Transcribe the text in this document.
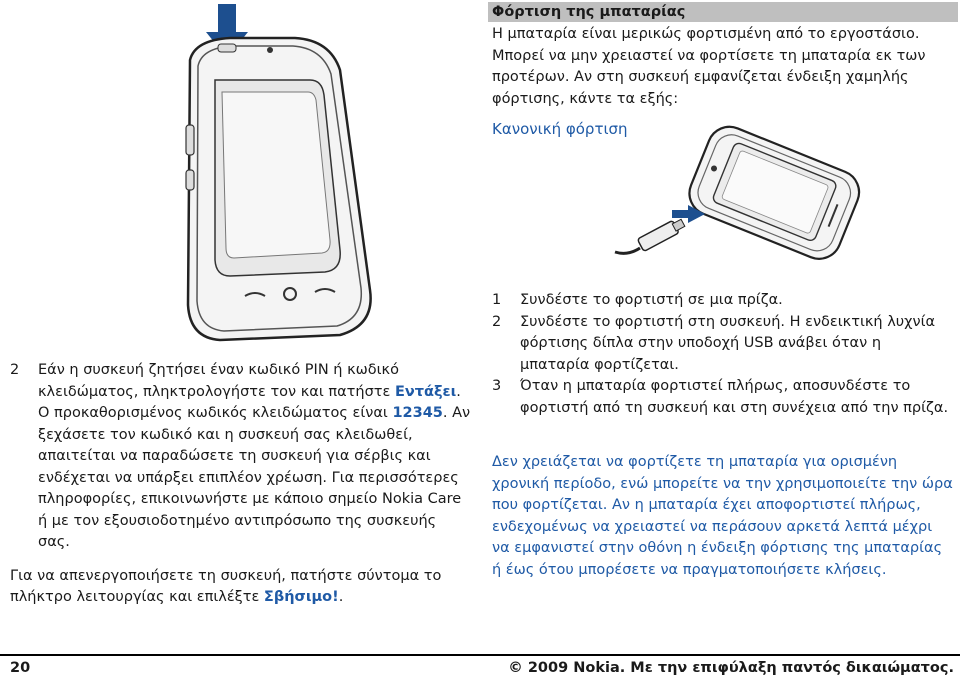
Φόρτιση της μπαταρίας

Η μπαταρία είναι μερικώς φορτισμένη από το εργοστάσιο. Μπορεί να μην χρειαστεί να φορτίσετε τη μπαταρία εκ των προτέρων. Αν στη συσκευή εμφανίζεται ένδειξη χαμηλής φόρτισης, κάντε τα εξής:

Κανονική φόρτιση
1	Συνδέστε το φορτιστή σε μια πρίζα.
2	Συνδέστε το φορτιστή στη συσκευή. Η ενδεικτική λυχνία φόρτισης δίπλα στην υποδοχή USB ανάβει όταν η μπαταρία φορτίζεται.
3	Όταν η μπαταρία φορτιστεί πλήρως, αποσυνδέστε το φορτιστή από τη συσκευή και στη συνέχεια από την πρίζα.

Δεν χρειάζεται να φορτίζετε τη μπαταρία για ορισμένη χρονική περίοδο, ενώ μπορείτε να την χρησιμοποιείτε την ώρα που φορτίζεται. Αν η μπαταρία έχει αποφορτιστεί πλήρως, ενδεχομένως να χρειαστεί να περάσουν αρκετά λεπτά μέχρι να εμφανιστεί στην οθόνη η ένδειξη φόρτισης της μπαταρίας ή έως ότου μπορέσετε να πραγματοποιήσετε κλήσεις.

2	Εάν η συσκευή ζητήσει έναν κωδικό PIN ή κωδικό κλειδώματος, πληκτρολογήστε τον και πατήστε Εντάξει. Ο προκαθορισμένος κωδικός κλειδώματος είναι 12345. Αν ξεχάσετε τον κωδικό και η συσκευή σας κλειδωθεί, απαιτείται να παραδώσετε τη συσκευή για σέρβις και ενδέχεται να υπάρξει επιπλέον χρέωση. Για περισσότερες πληροφορίες, επικοινωνήστε με κάποιο σημείο Nokia Care ή με τον εξουσιοδοτημένο αντιπρόσωπο της συσκευής σας.

Για να απενεργοποιήσετε τη συσκευή, πατήστε σύντομα το πλήκτρο λειτουργίας και επιλέξτε Σβήσιμο!.

20	© 2009 Nokia. Με την επιφύλαξη παντός δικαιώματος.
